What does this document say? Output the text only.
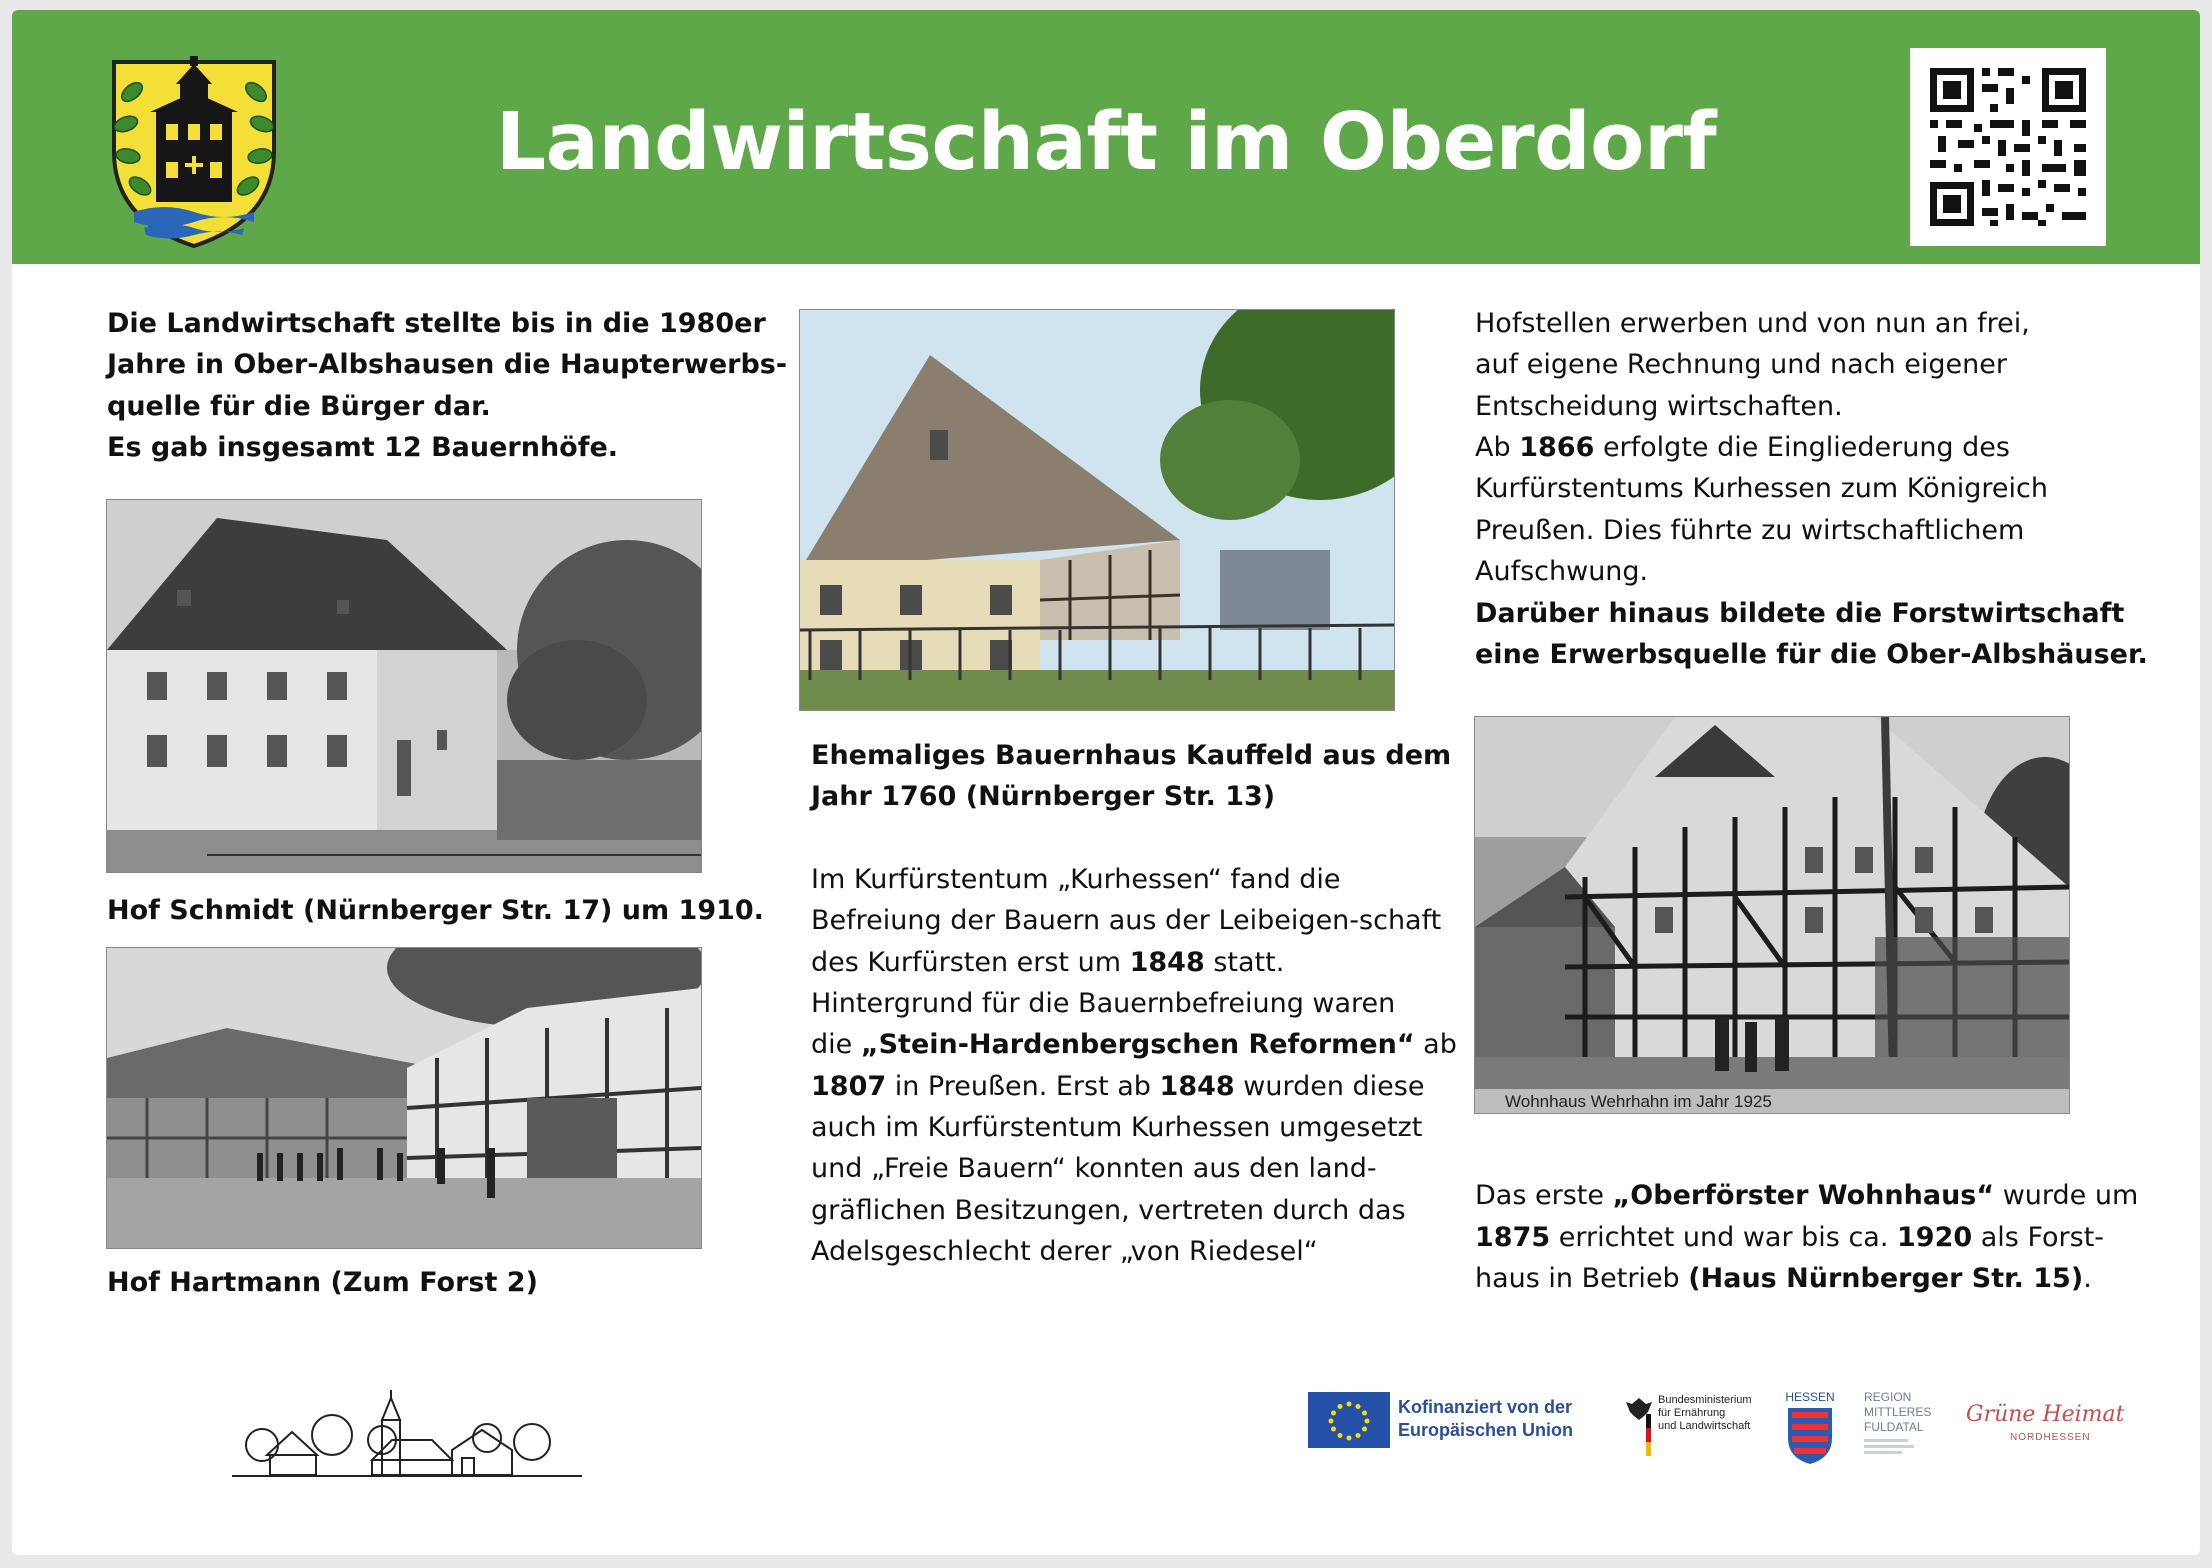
Landwirtschaft im Oberdorf
Die Landwirtschaft stellte bis in die 1980er
Jahre in Ober-Albshausen die Haupterwerbs-
quelle für die Bürger dar.
Es gab insgesamt 12 Bauernhöfe.
Hof Schmidt (Nürnberger Str. 17) um 1910.
Hof Hartmann (Zum Forst 2)
Ehemaliges Bauernhaus Kauffeld aus dem
Jahr 1760 (Nürnberger Str. 13)
Im Kurfürstentum „Kurhessen“ fand die
Befreiung der Bauern aus der Leibeigen-schaft
des Kurfürsten erst um 1848 statt.
Hintergrund für die Bauernbefreiung waren
die „Stein-Hardenbergschen Reformen“ ab
1807 in Preußen. Erst ab 1848 wurden diese
auch im Kurfürstentum Kurhessen umgesetzt
und „Freie Bauern“ konnten aus den land-
gräflichen Besitzungen, vertreten durch das
Adelsgeschlecht derer „von Riedesel“
Hofstellen erwerben und von nun an frei,
auf eigene Rechnung und nach eigener
Entscheidung wirtschaften.
Ab 1866 erfolgte die Eingliederung des
Kurfürstentums Kurhessen zum Königreich
Preußen. Dies führte zu wirtschaftlichem
Aufschwung.
Darüber hinaus bildete die Forstwirtschaft
eine Erwerbsquelle für die Ober-Albshäuser.
Wohnhaus Wehrhahn im Jahr 1925
Das erste „Oberförster Wohnhaus“ wurde um
1875 errichtet und war bis ca. 1920 als Forst-
haus in Betrieb (Haus Nürnberger Str. 15).
Kofinanziert von der
Europäischen Union
Bundesministerium
für Ernährung
und Landwirtschaft
HESSEN	REGION
MITTLERES
FULDATAL	Grüne Heimat
NORDHESSEN
